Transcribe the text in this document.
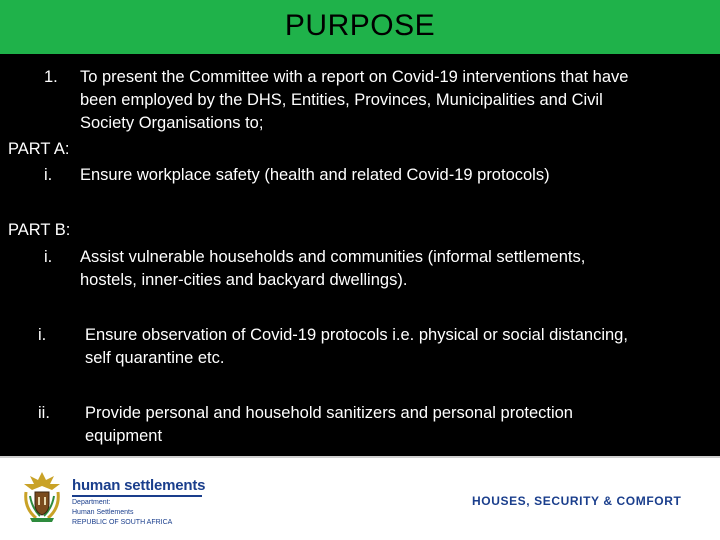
PURPOSE
1. To present the Committee with a report on Covid-19 interventions that have
been employed by the DHS, Entities, Provinces, Municipalities and Civil
Society Organisations to;
PART A:
i. Ensure workplace safety (health and related Covid-19 protocols)
PART B:
i. Assist vulnerable households and communities (informal settlements,
hostels, inner-cities and backyard dwellings).
i. Ensure observation of Covid-19 protocols i.e. physical or social distancing,
self quarantine etc.
ii. Provide personal and household sanitizers and personal protection
equipment
human settlements
Department:
Human Settlements
REPUBLIC OF SOUTH AFRICA
HOUSES, SECURITY & COMFORT
